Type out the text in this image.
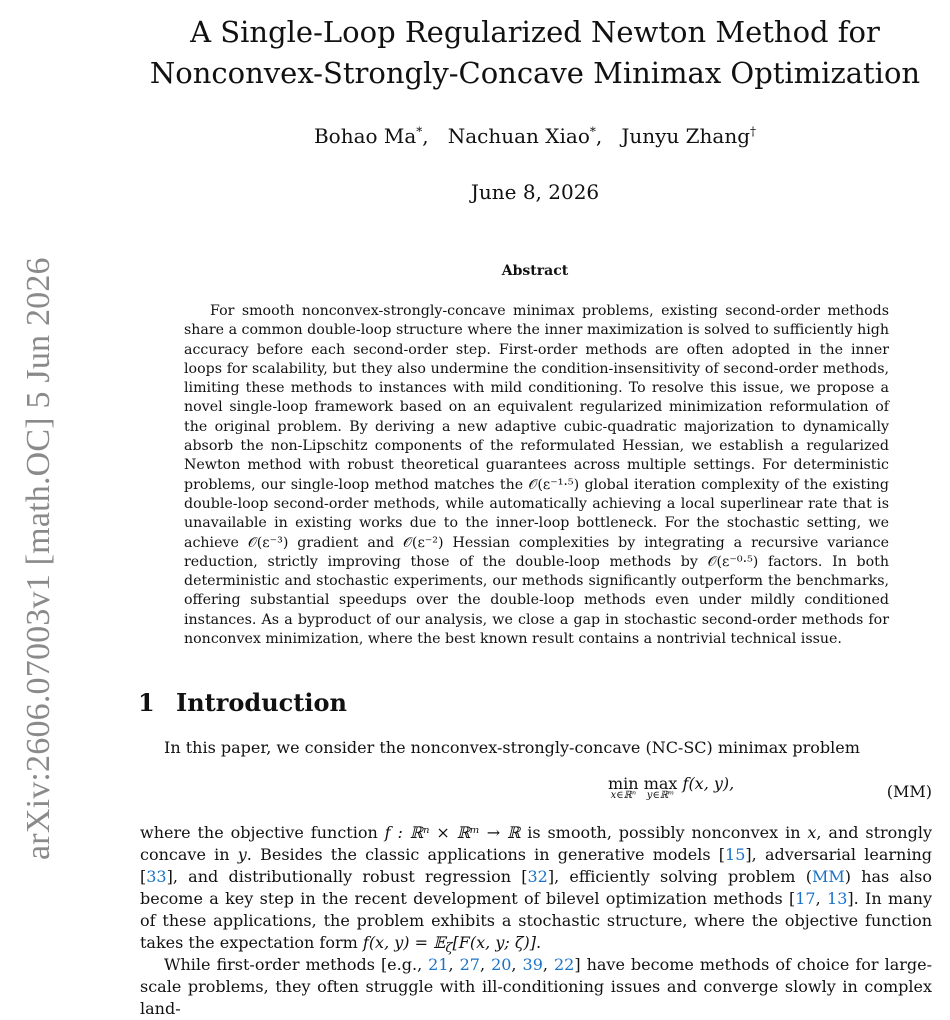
arXiv:2606.07003v1 [math.OC] 5 Jun 2026
A Single-Loop Regularized Newton Method for
Nonconvex-Strongly-Concave Minimax Optimization
Bohao Ma*, Nachuan Xiao*, Junyu Zhang†
June 8, 2026
Abstract
For smooth nonconvex-strongly-concave minimax problems, existing second-order methods share a common double-loop structure where the inner maximization is solved to sufficiently high accuracy before each second-order step. First-order methods are often adopted in the inner loops for scalability, but they also undermine the condition-insensitivity of second-order methods, limiting these methods to instances with mild conditioning. To resolve this issue, we propose a novel single-loop framework based on an equivalent regularized minimization reformulation of the original problem. By deriving a new adaptive cubic-quadratic majorization to dynamically absorb the non-Lipschitz components of the reformulated Hessian, we establish a regularized Newton method with robust theoretical guarantees across multiple settings. For deterministic problems, our single-loop method matches the 𝒪(ε⁻¹·⁵) global iteration complexity of the existing double-loop second-order methods, while automatically achieving a local superlinear rate that is unavailable in existing works due to the inner-loop bottleneck. For the stochastic setting, we achieve 𝒪(ε⁻³) gradient and 𝒪(ε⁻²) Hessian complexities by integrating a recursive variance reduction, strictly improving those of the double-loop methods by 𝒪(ε⁻⁰·⁵) factors. In both deterministic and stochastic experiments, our methods significantly outperform the benchmarks, offering substantial speedups over the double-loop methods even under mildly conditioned instances. As a byproduct of our analysis, we close a gap in stochastic second-order methods for nonconvex minimization, where the best known result contains a nontrivial technical issue.
1 Introduction
In this paper, we consider the nonconvex-strongly-concave (NC-SC) minimax problem
min
x∈ℝⁿ
max
y∈ℝᵐ
f(x, y),	(MM)
where the objective function f : ℝⁿ × ℝᵐ → ℝ is smooth, possibly nonconvex in x, and strongly concave in y. Besides the classic applications in generative models [15], adversarial learning [33], and distributionally robust regression [32], efficiently solving problem (MM) has also become a key step in the recent development of bilevel optimization methods [17, 13]. In many of these applications, the problem exhibits a stochastic structure, where the objective function takes the expectation form f(x, y) = 𝔼$_\zeta$[F(x, y; ζ)].
While first-order methods [e.g., 21, 27, 20, 39, 22] have become methods of choice for large-scale problems, they often struggle with ill-conditioning issues and converge slowly in complex land-
